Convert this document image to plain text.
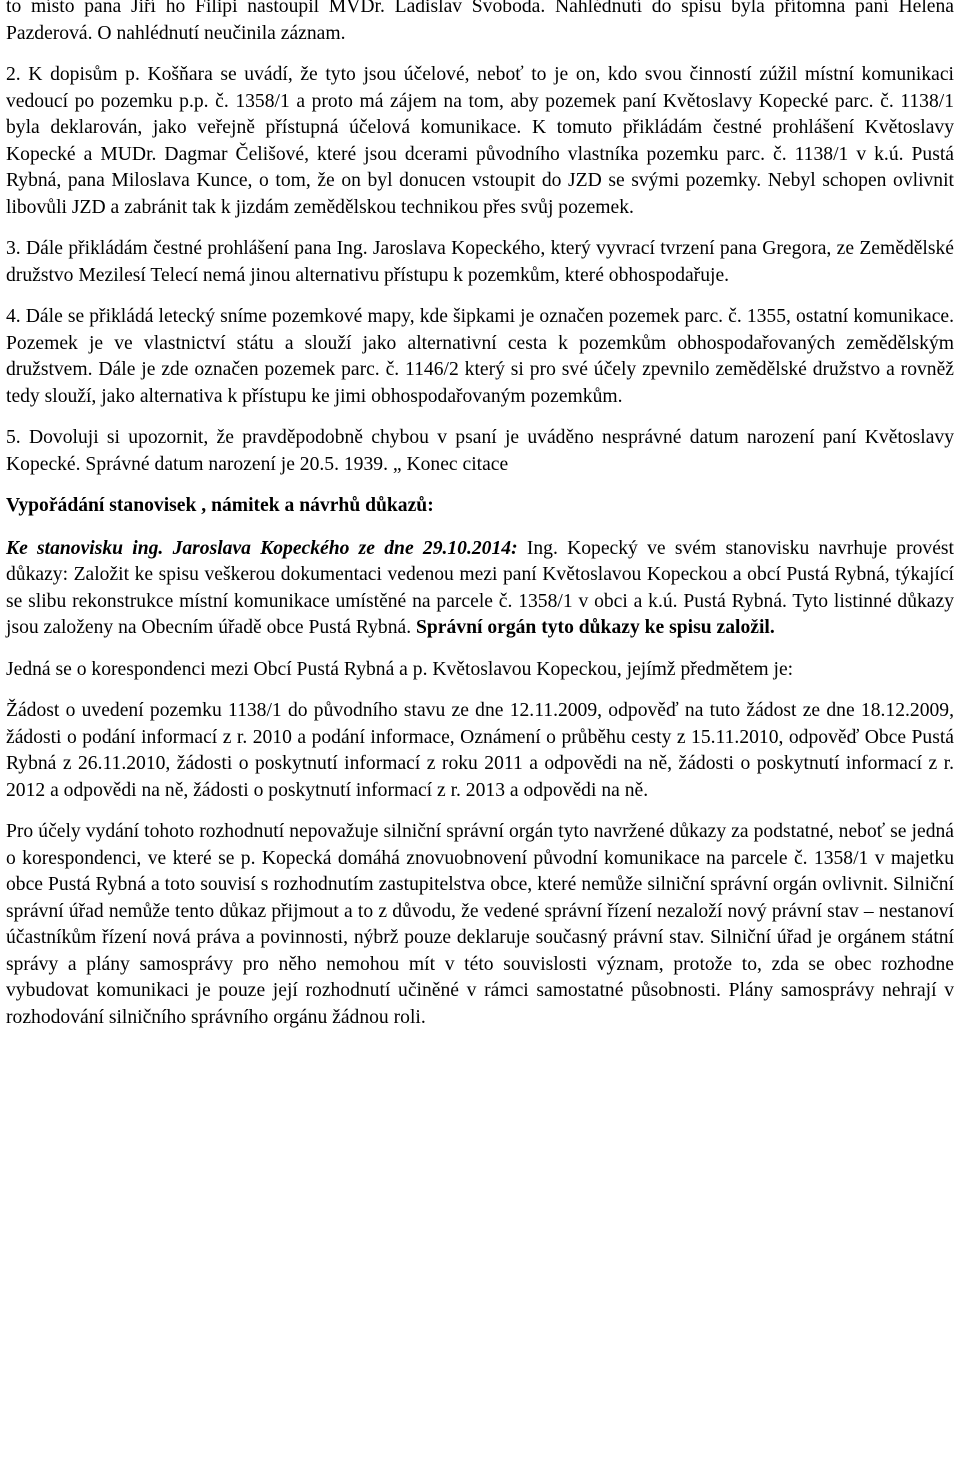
to místo pana Jiří ho Filipi nastoupil MVDr. Ladislav Svoboda. Nahlédnutí do spisu byla přítomna paní Helena Pazderová. O nahlédnutí neučinila záznam.

2. K dopisům p. Košňara se uvádí, že tyto jsou účelové, neboť to je on, kdo svou činností zúžil místní komunikaci vedoucí po pozemku p.p. č. 1358/1 a proto má zájem na tom, aby pozemek paní Květoslavy Kopecké parc. č. 1138/1 byla deklarován, jako veřejně přístupná účelová komunikace. K tomuto přikládám čestné prohlášení Květoslavy Kopecké a MUDr. Dagmar Čelišové, které jsou dcerami původního vlastníka pozemku parc. č. 1138/1 v k.ú. Pustá Rybná, pana Miloslava Kunce, o tom, že on byl donucen vstoupit do JZD se svými pozemky. Nebyl schopen ovlivnit libovůli JZD a zabránit tak k jizdám zemědělskou technikou přes svůj pozemek.

3. Dále přikládám čestné prohlášení pana Ing. Jaroslava Kopeckého, který vyvrací tvrzení pana Gregora, ze Zemědělské družstvo Mezilesí Telecí nemá jinou alternativu přístupu k pozemkům, které obhospodařuje.

4. Dále se přikládá letecký sníme pozemkové mapy, kde šipkami je označen pozemek parc. č. 1355, ostatní komunikace. Pozemek je ve vlastnictví státu a slouží jako alternativní cesta k pozemkům obhospodařovaných zemědělským družstvem. Dále je zde označen pozemek parc. č. 1146/2 který si pro své účely zpevnilo zemědělské družstvo a rovněž tedy slouží, jako alternativa k přístupu ke jimi obhospodařovaným pozemkům.

5. Dovoluji si upozornit, že pravděpodobně chybou v psaní je uváděno nesprávné datum narození paní Květoslavy Kopecké. Správné datum narození je 20.5. 1939. „ Konec citace

Vypořádání stanovisek , námitek a návrhů důkazů:

Ke stanovisku ing. Jaroslava Kopeckého ze dne 29.10.2014: Ing. Kopecký ve svém stanovisku navrhuje provést důkazy: Založit ke spisu veškerou dokumentaci vedenou mezi paní Květoslavou Kopeckou a obcí Pustá Rybná, týkající se slibu rekonstrukce místní komunikace umístěné na parcele č. 1358/1 v obci a k.ú. Pustá Rybná. Tyto listinné důkazy jsou založeny na Obecním úřadě obce Pustá Rybná. Správní orgán tyto důkazy ke spisu založil.

Jedná se o korespondenci mezi Obcí Pustá Rybná a p. Květoslavou Kopeckou, jejímž předmětem je:

Žádost o uvedení pozemku 1138/1 do původního stavu ze dne 12.11.2009, odpověď na tuto žádost ze dne 18.12.2009, žádosti o podání informací z r. 2010 a podání informace, Oznámení o průběhu cesty z 15.11.2010, odpověď Obce Pustá Rybná z 26.11.2010, žádosti o poskytnutí informací z roku 2011 a odpovědi na ně, žádosti o poskytnutí informací z r. 2012 a odpovědi na ně, žádosti o poskytnutí informací z r. 2013 a odpovědi na ně.

Pro účely vydání tohoto rozhodnutí nepovažuje silniční správní orgán tyto navržené důkazy za podstatné, neboť se jedná o korespondenci, ve které se p. Kopecká domáhá znovuobnovení původní komunikace na parcele č. 1358/1 v majetku obce Pustá Rybná a toto souvisí s rozhodnutím zastupitelstva obce, které nemůže silniční správní orgán ovlivnit. Silniční správní úřad nemůže tento důkaz přijmout a to z důvodu, že vedené správní řízení nezaloží nový právní stav – nestanoví účastníkům řízení nová práva a povinnosti, nýbrž pouze deklaruje současný právní stav. Silniční úřad je orgánem státní správy a plány samosprávy pro něho nemohou mít v této souvislosti význam, protože to, zda se obec rozhodne vybudovat komunikaci je pouze její rozhodnutí učiněné v rámci samostatné působnosti. Plány samosprávy nehrají v rozhodování silničního správního orgánu žádnou roli.
